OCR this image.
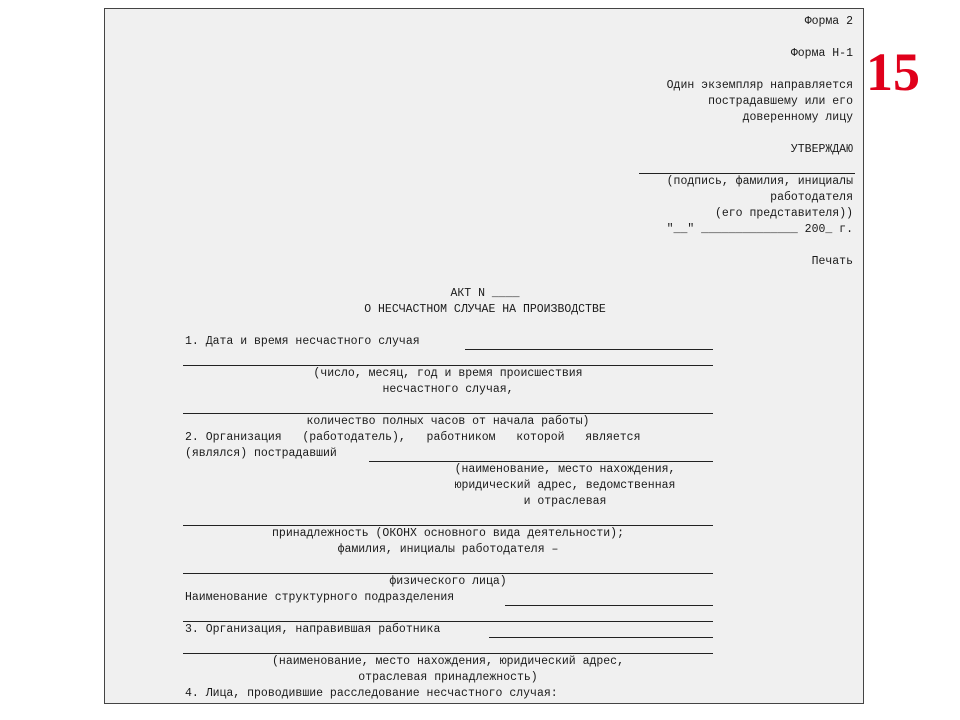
Форма 2
Форма Н-1
Один экземпляр направляется
пострадавшему или его
доверенному лицу
УТВЕРЖДАЮ
(подпись, фамилия, инициалы
работодателя
(его представителя))
"__" ______________ 200_ г.
Печать
АКТ N ____
О НЕСЧАСТНОМ СЛУЧАЕ НА ПРОИЗВОДСТВЕ
1. Дата и время несчастного случая
(число, месяц, год и время происшествия
несчастного случая,
количество полных часов от начала работы)
2. Организация   (работодатель),   работником   которой   является
(являлся) пострадавший
(наименование, место нахождения,
юридический адрес, ведомственная
и отраслевая
принадлежность (ОКОНХ основного вида деятельности);
фамилия, инициалы работодателя –
физического лица)
Наименование структурного подразделения
3. Организация, направившая работника
(наименование, место нахождения, юридический адрес,
отраслевая принадлежность)
4. Лица, проводившие расследование несчастного случая:
15
